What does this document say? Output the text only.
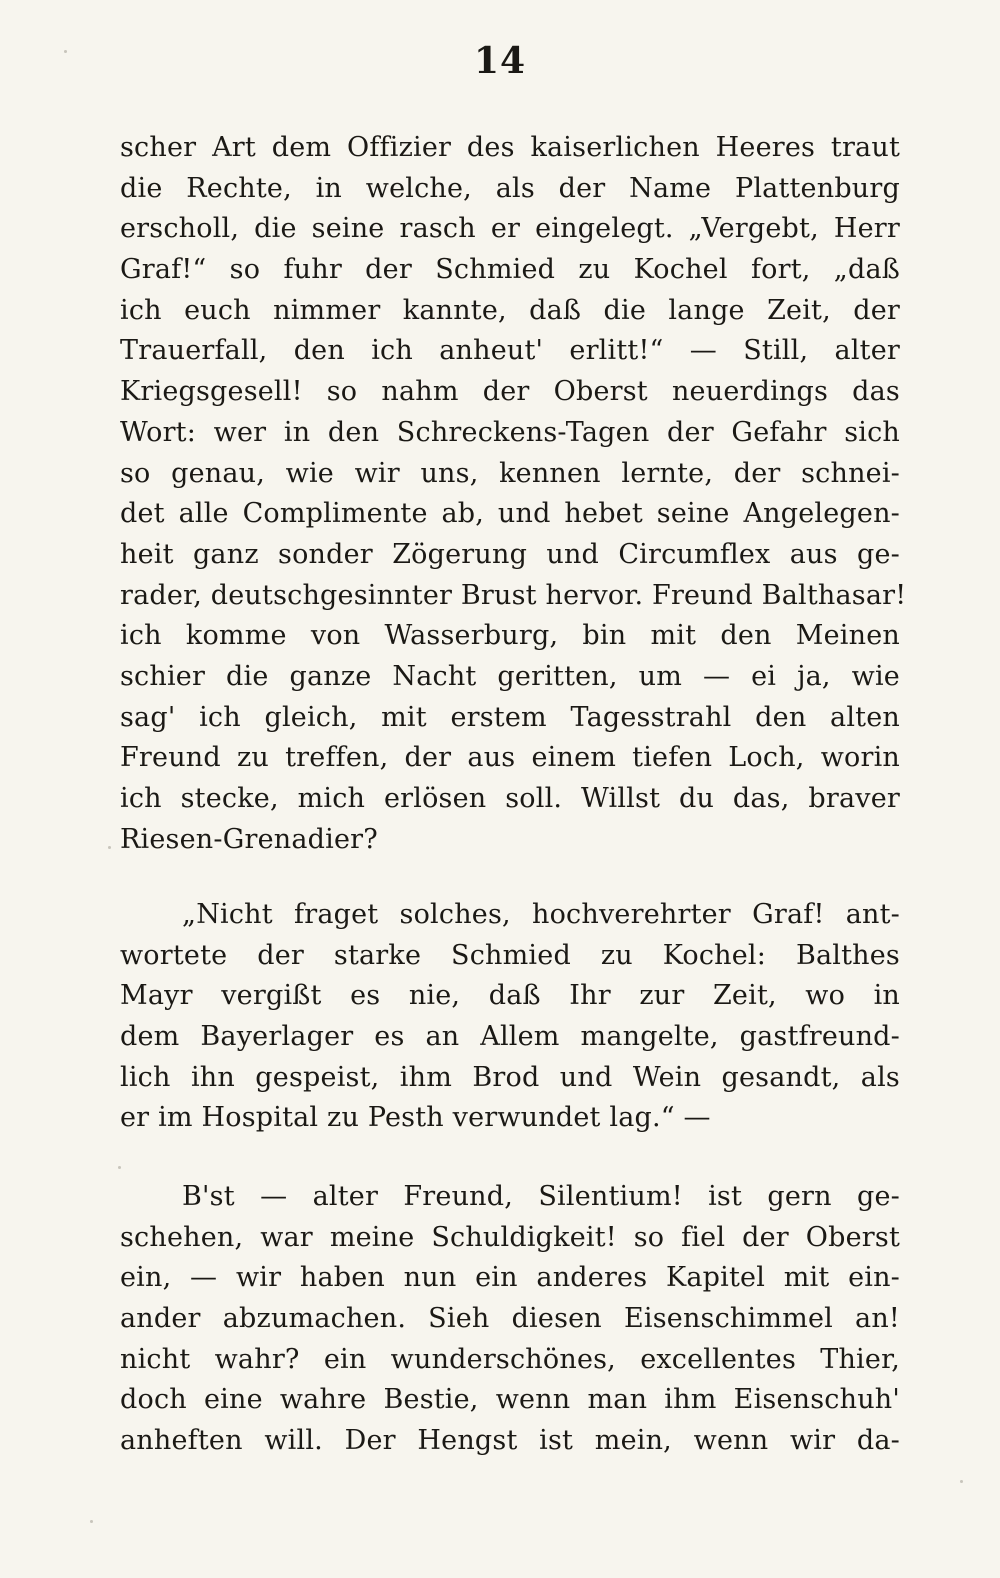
14
scher Art dem Offizier des kaiserlichen Heeres traut
die Rechte, in welche, als der Name Plattenburg
erscholl, die seine rasch er eingelegt. „Vergebt, Herr
Graf!“ so fuhr der Schmied zu Kochel fort, „daß
ich euch nimmer kannte, daß die lange Zeit, der
Trauerfall, den ich anheut' erlitt!“ — Still, alter
Kriegsgesell! so nahm der Oberst neuerdings das
Wort: wer in den Schreckens-Tagen der Gefahr sich
so genau, wie wir uns, kennen lernte, der schnei-
det alle Complimente ab, und hebet seine Angelegen-
heit ganz sonder Zögerung und Circumflex aus ge-
rader, deutschgesinnter Brust hervor. Freund Balthasar!
ich komme von Wasserburg, bin mit den Meinen
schier die ganze Nacht geritten, um — ei ja, wie
sag' ich gleich, mit erstem Tagesstrahl den alten
Freund zu treffen, der aus einem tiefen Loch, worin
ich stecke, mich erlösen soll. Willst du das, braver
Riesen-Grenadier?
„Nicht fraget solches, hochverehrter Graf! ant-
wortete der starke Schmied zu Kochel: Balthes
Mayr vergißt es nie, daß Ihr zur Zeit, wo in
dem Bayerlager es an Allem mangelte, gastfreund-
lich ihn gespeist, ihm Brod und Wein gesandt, als
er im Hospital zu Pesth verwundet lag.“ —
B'st — alter Freund, Silentium! ist gern ge-
schehen, war meine Schuldigkeit! so fiel der Oberst
ein, — wir haben nun ein anderes Kapitel mit ein-
ander abzumachen. Sieh diesen Eisenschimmel an!
nicht wahr? ein wunderschönes, excellentes Thier,
doch eine wahre Bestie, wenn man ihm Eisenschuh'
anheften will. Der Hengst ist mein, wenn wir da-
